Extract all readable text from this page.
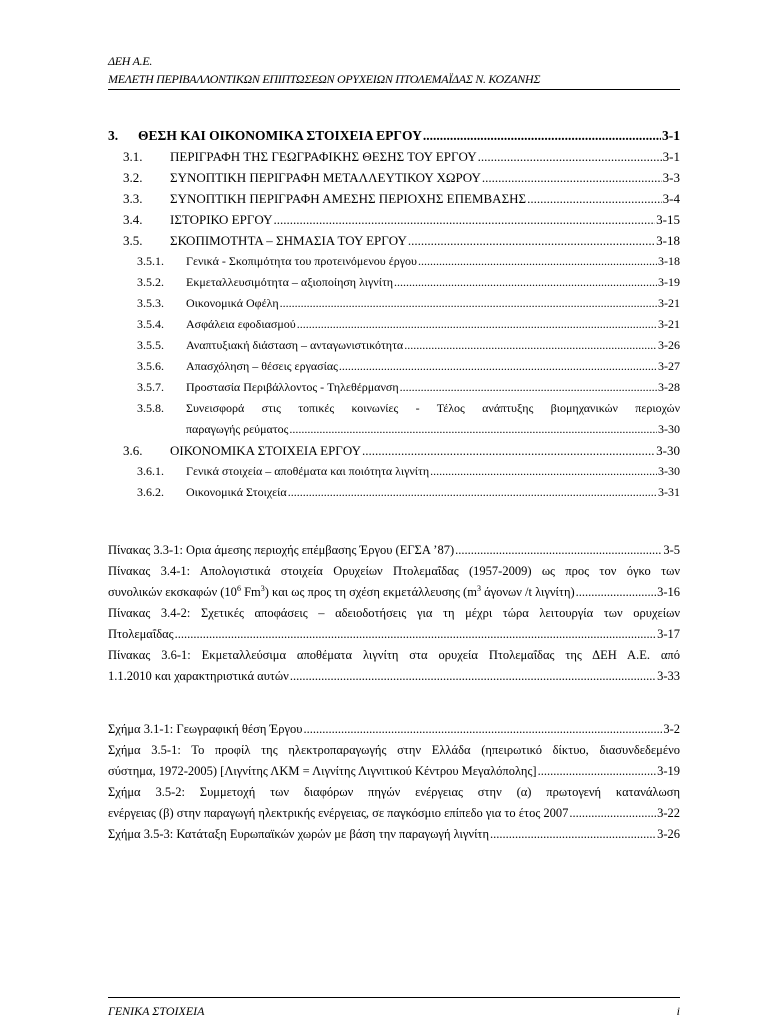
ΔΕΗ Α.Ε.
ΜΕΛΕΤΗ ΠΕΡΙΒΑΛΛΟΝΤΙΚΩΝ ΕΠΙΠΤΩΣΕΩΝ ΟΡΥΧΕΙΩΝ ΠΤΟΛΕΜΑΪΔΑΣ Ν. ΚΟΖΑΝΗΣ
3.	ΘΕΣΗ ΚΑΙ ΟΙΚΟΝΟΜΙΚΑ ΣΤΟΙΧΕΙΑ ΕΡΓΟΥ .....	3-1
3.1.	ΠΕΡΙΓΡΑΦΗ ΤΗΣ ΓΕΩΓΡΑΦΙΚΗΣ ΘΕΣΗΣ ΤΟΥ ΕΡΓΟΥ .....	3-1
3.2.	ΣΥΝΟΠΤΙΚΗ ΠΕΡΙΓΡΑΦΗ ΜΕΤΑΛΛΕΥΤΙΚΟΥ ΧΩΡΟΥ .....	3-3
3.3.	ΣΥΝΟΠΤΙΚΗ ΠΕΡΙΓΡΑΦΗ ΑΜΕΣΗΣ ΠΕΡΙΟΧΗΣ ΕΠΕΜΒΑΣΗΣ .....	3-4
3.4.	ΙΣΤΟΡΙΚΟ ΕΡΓΟΥ .....	3-15
3.5.	ΣΚΟΠΙΜΟΤΗΤΑ – ΣΗΜΑΣΙΑ ΤΟΥ ΕΡΓΟΥ .....	3-18
3.5.1.	Γενικά - Σκοπιμότητα του προτεινόμενου έργου .....	3-18
3.5.2.	Εκμεταλλευσιμότητα – αξιοποίηση λιγνίτη .....	3-19
3.5.3.	Οικονομικά Οφέλη .....	3-21
3.5.4.	Ασφάλεια εφοδιασμού .....	3-21
3.5.5.	Αναπτυξιακή διάσταση – ανταγωνιστικότητα .....	3-26
3.5.6.	Απασχόληση – θέσεις εργασίας .....	3-27
3.5.7.	Προστασία Περιβάλλοντος - Τηλεθέρμανση .....	3-28
3.5.8.	Συνεισφορά στις τοπικές κοινωνίες - Τέλος ανάπτυξης βιομηχανικών περιοχών
παραγωγής ρεύματος .....	3-30
3.6.	ΟΙΚΟΝΟΜΙΚΑ ΣΤΟΙΧΕΙΑ ΕΡΓΟΥ .....	3-30
3.6.1.	Γενικά στοιχεία – αποθέματα και ποιότητα λιγνίτη .....	3-30
3.6.2.	Οικονομικά Στοιχεία .....	3-31
Πίνακας 3.3-1: Ορια άμεσης περιοχής επέμβασης Έργου (ΕΓΣΑ ’87) .....	3-5
Πίνακας 3.4-1: Απολογιστικά στοιχεία Ορυχείων Πτολεμαΐδας (1957-2009) ως προς τον όγκο των
συνολικών εκσκαφών ($10^6$ Fm$^3$) και ως προς τη σχέση εκμετάλλευσης ($m^3$ άγονων /t λιγνίτη) .....	3-16
Πίνακας 3.4-2: Σχετικές αποφάσεις – αδειοδοτήσεις για τη μέχρι τώρα λειτουργία των ορυχείων
Πτολεμαΐδας .....	3-17
Πίνακας 3.6-1: Εκμεταλλεύσιμα αποθέματα λιγνίτη στα ορυχεία Πτολεμαΐδας της ΔΕΗ Α.Ε. από
1.1.2010 και χαρακτηριστικά αυτών .....	3-33
Σχήμα 3.1-1: Γεωγραφική θέση Έργου .....	3-2
Σχήμα 3.5-1: Το προφίλ της ηλεκτροπαραγωγής στην Ελλάδα (ηπειρωτικό δίκτυο, διασυνδεδεμένο
σύστημα, 1972-2005) [Λιγνίτης ΛΚΜ = Λιγνίτης Λιγνιτικού Κέντρου Μεγαλόπολης] .....	3-19
Σχήμα 3.5-2: Συμμετοχή των διαφόρων πηγών ενέργειας στην (α) πρωτογενή κατανάλωση
ενέργειας (β) στην παραγωγή ηλεκτρικής ενέργειας, σε παγκόσμιο επίπεδο για το έτος 2007 .....	3-22
Σχήμα 3.5-3: Κατάταξη Ευρωπαϊκών χωρών με βάση την παραγωγή λιγνίτη .....	3-26
ΓΕΝΙΚΑ ΣΤΟΙΧΕΙΑ	i
